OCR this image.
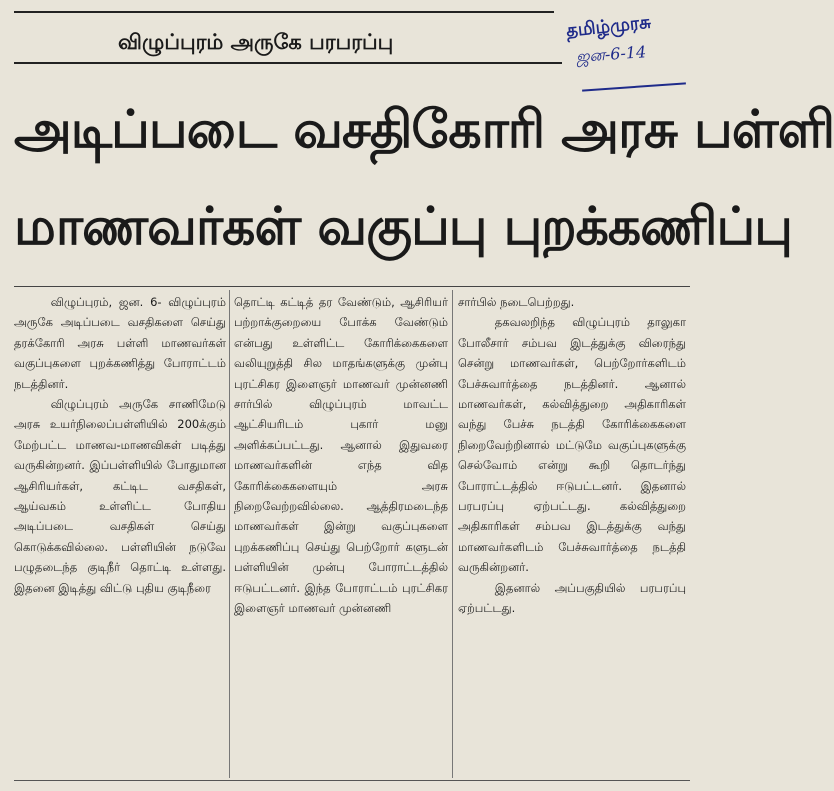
விழுப்புரம் அருகே பரபரப்பு
தமிழ்முரசு
ஜன-6-14
அடிப்படை வசதிகோரி அரசு பள்ளி
மாணவர்கள் வகுப்பு புறக்கணிப்பு

விழுப்புரம், ஜன. 6- விழுப்புரம் அருகே அடிப்படை வசதிகளை செய்து தரக்கோரி அரசு பள்ளி மாணவர்கள் வகுப்புகளை புறக்கணித்து போராட்டம் நடத்தினர்.

விழுப்புரம் அருகே சாணிமேடு அரசு உயர்நிலைப்பள்ளியில் 200க்கும் மேற்பட்ட மாணவ-மாணவிகள் படித்து வருகின்றனர். இப்பள்ளியில் போதுமான ஆசிரியர்கள், கட்டிட வசதிகள், ஆய்வகம் உள்ளிட்ட போதிய அடிப்படை வசதிகள் செய்து கொடுக்கவில்லை. பள்ளியின் நடுவே பழுதடைந்த குடிநீர் தொட்டி உள்ளது. இதனை இடித்து விட்டு புதிய குடிநீரை

தொட்டி கட்டித் தர வேண்டும், ஆசிரியர் பற்றாக்குறையை போக்க வேண்டும் என்பது உள்ளிட்ட கோரிக்கைகளை வலியுறுத்தி சில மாதங்களுக்கு முன்பு புரட்சிகர இளைஞர் மாணவர் முன்னணி சார்பில் விழுப்புரம் மாவட்ட ஆட்சியரிடம் புகார் மனு அளிக்கப்பட்டது. ஆனால் இதுவரை மாணவர்களின் எந்த வித கோரிக்கைகளையும் அரசு நிறைவேற்றவில்லை. ஆத்திரமடைந்த மாணவர்கள் இன்று வகுப்புகளை புறக்கணிப்பு செய்து பெற்றோர் களுடன் பள்ளியின் முன்பு போராட்டத்தில் ஈடுபட்டனர். இந்த போராட்டம் புரட்சிகர இளைஞர் மாணவர் முன்னணி

சார்பில் நடைபெற்றது.

தகவலறிந்த விழுப்புரம் தாலுகா போலீசார் சம்பவ இடத்துக்கு விரைந்து சென்று மாணவர்கள், பெற்றோர்களிடம் பேச்சுவார்த்தை நடத்தினர். ஆனால் மாணவர்கள், கல்வித்துறை அதிகாரிகள் வந்து பேச்சு நடத்தி கோரிக்கைகளை நிறைவேற்றினால் மட்டுமே வகுப்புகளுக்கு செல்வோம் என்று கூறி தொடர்ந்து போராட்டத்தில் ஈடுபட்டனர். இதனால் பரபரப்பு ஏற்பட்டது. கல்வித்துறை அதிகாரிகள் சம்பவ இடத்துக்கு வந்து மாணவர்களிடம் பேச்சுவார்த்தை நடத்தி வருகின்றனர்.

இதனால் அப்பகுதியில் பரபரப்பு ஏற்பட்டது.
